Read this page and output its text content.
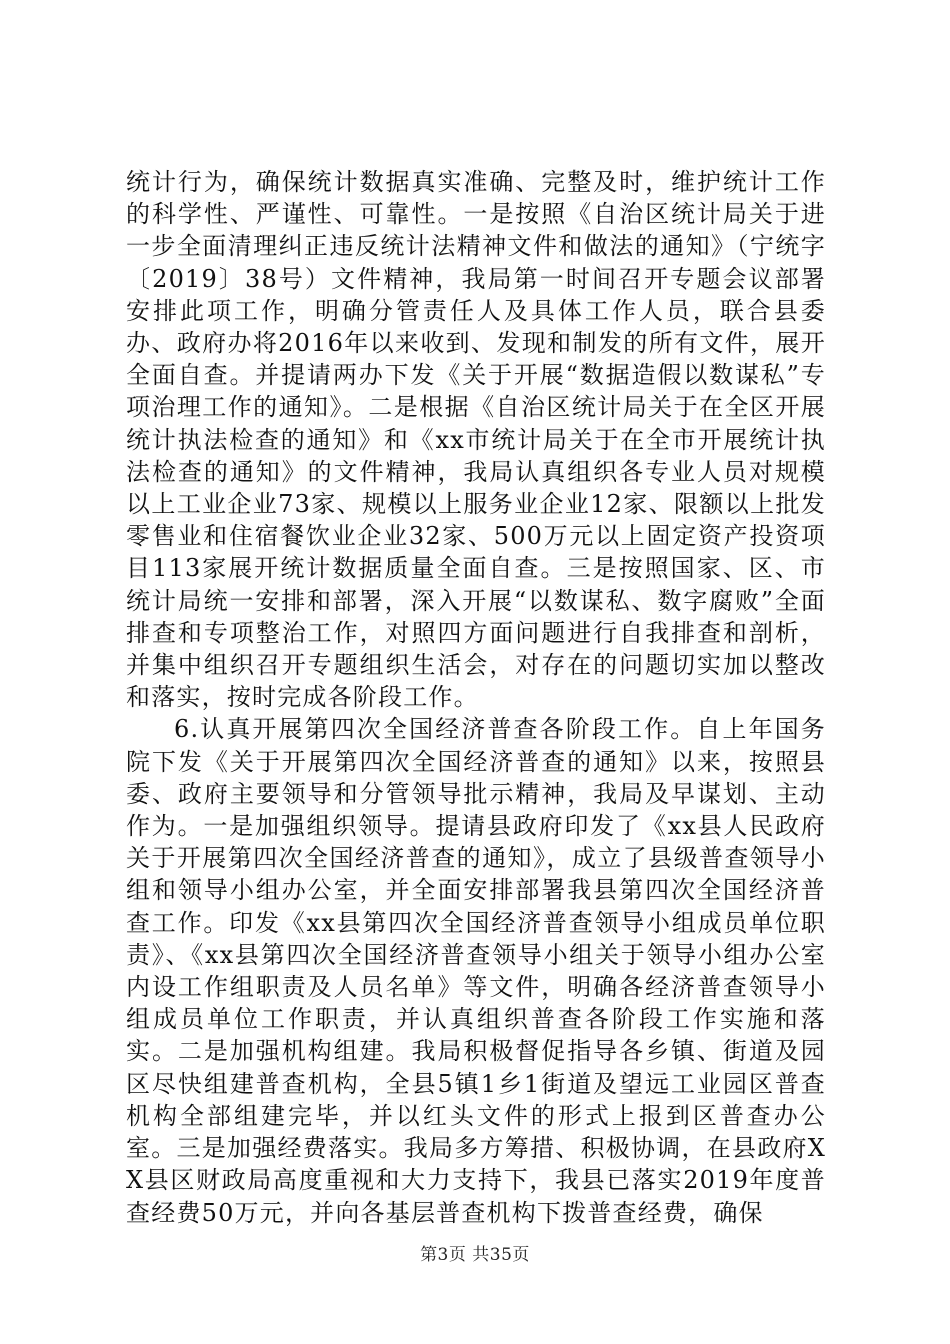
统计行为，确保统计数据真实准确、完整及时，维护统计工作的科学性、严谨性、可靠性。一是按照《自治区统计局关于进一步全面清理纠正违反统计法精神文件和做法的通知》（宁统字〔2019〕38号）文件精神，我局第一时间召开专题会议部署安排此项工作，明确分管责任人及具体工作人员，联合县委办、政府办将2016年以来收到、发现和制发的所有文件，展开全面自查。并提请两办下发《关于开展“数据造假以数谋私”专项治理工作的通知》。二是根据《自治区统计局关于在全区开展统计执法检查的通知》和《xx市统计局关于在全市开展统计执法检查的通知》的文件精神，我局认真组织各专业人员对规模以上工业企业73家、规模以上服务业企业12家、限额以上批发零售业和住宿餐饮业企业32家、500万元以上固定资产投资项目113家展开统计数据质量全面自查。三是按照国家、区、市统计局统一安排和部署，深入开展“以数谋私、数字腐败”全面排查和专项整治工作，对照四方面问题进行自我排查和剖析，并集中组织召开专题组织生活会，对存在的问题切实加以整改和落实，按时完成各阶段工作。

6.认真开展第四次全国经济普查各阶段工作。自上年国务院下发《关于开展第四次全国经济普查的通知》以来，按照县委、政府主要领导和分管领导批示精神，我局及早谋划、主动作为。一是加强组织领导。提请县政府印发了《xx县人民政府关于开展第四次全国经济普查的通知》，成立了县级普查领导小组和领导小组办公室，并全面安排部署我县第四次全国经济普查工作。印发《xx县第四次全国经济普查领导小组成员单位职责》、《xx县第四次全国经济普查领导小组关于领导小组办公室内设工作组职责及人员名单》等文件，明确各经济普查领导小组成员单位工作职责，并认真组织普查各阶段工作实施和落实。二是加强机构组建。我局积极督促指导各乡镇、街道及园区尽快组建普查机构，全县5镇1乡1街道及望远工业园区普查机构全部组建完毕，并以红头文件的形式上报到区普查办公室。三是加强经费落实。我局多方筹措、积极协调，在县政府XX县区财政局高度重视和大力支持下，我县已落实2019年度普查经费50万元，并向各基层普查机构下拨普查经费，确保

第3页 共35页
